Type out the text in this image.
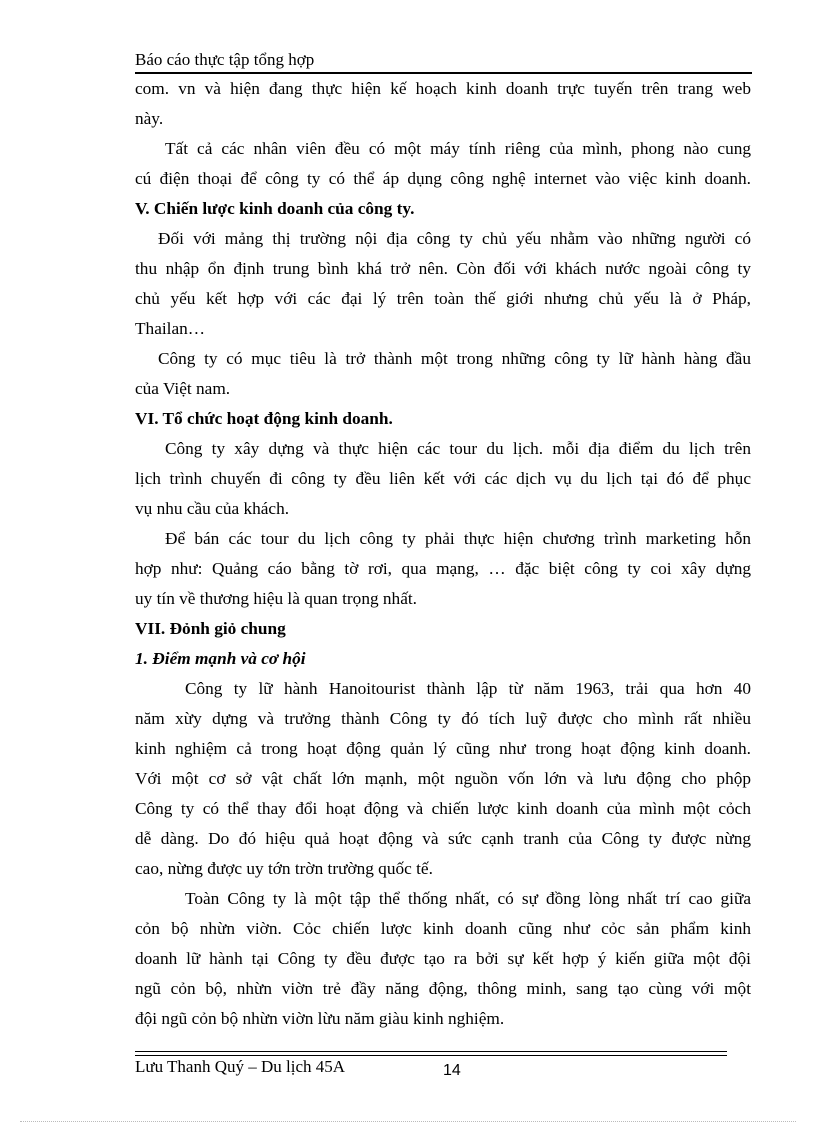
Báo cáo thực tập tổng hợp
com. vn và hiện đang thực hiện kế hoạch kinh doanh trực tuyến trên trang web
này.
Tất cả các nhân viên đều có một máy tính riêng của mình, phong nào cung
cú điện thoại để công ty có thể áp dụng công nghệ internet vào việc kinh doanh.
V. Chiến lược kinh doanh của công ty.
Đối với mảng thị trường nội địa công ty chủ yếu nhằm vào những người có
thu nhập ổn định trung bình khá trở nên. Còn đối với khách nước ngoài công ty
chủ yếu kết hợp với các đại lý trên toàn thế giới nhưng chủ yếu là ở Pháp,
Thailan…
Công ty có mục tiêu là trở thành một trong những công ty lữ hành hàng đầu
của Việt nam.
VI. Tổ chức hoạt động kinh doanh.
Công ty xây dựng và thực hiện các tour du lịch. mỗi địa điểm du lịch trên
lịch trình chuyến đi công ty đều liên kết với các dịch vụ du lịch tại đó để phục
vụ nhu cầu của khách.
Để bán các tour du lịch công ty phải thực hiện chương trình marketing hỗn
hợp như: Quảng cáo bằng tờ rơi, qua mạng, … đặc biệt công ty coi xây dựng
uy tín về thương hiệu là quan trọng nhất.
VII. Đỏnh giỏ chung
1. Điểm mạnh và cơ hội
Công ty lữ hành Hanoitourist thành lập từ năm 1963, trải qua hơn 40
năm xừy dựng và trưởng thành Công ty đó tích luỹ được cho mình rất nhiều
kinh nghiệm cả trong hoạt động quản lý cũng như trong hoạt động kinh doanh.
Với một cơ sở vật chất lớn mạnh, một nguồn vốn lớn và lưu động cho phộp
Công ty có thể thay đổi hoạt động và chiến lược kinh doanh của mình một cỏch
dễ dàng. Do đó hiệu quả hoạt động và sức cạnh tranh của Công ty được nừng
cao, nừng được uy tớn trờn trường quốc tế.
Toàn Công ty là một tập thể thống nhất, có sự đồng lòng nhất trí cao giữa
cỏn bộ nhừn viờn. Cỏc chiến lược kinh doanh cũng như cỏc sản phẩm kinh
doanh lữ hành tại Công ty đều được tạo ra bởi sự kết hợp ý kiến giữa một đội
ngũ cỏn bộ, nhừn viờn trẻ đầy năng động, thông minh, sang tạo cùng với một
đội ngũ cỏn bộ nhừn viờn lừu năm giàu kinh nghiệm.
Lưu Thanh Quý – Du lịch 45A	14
